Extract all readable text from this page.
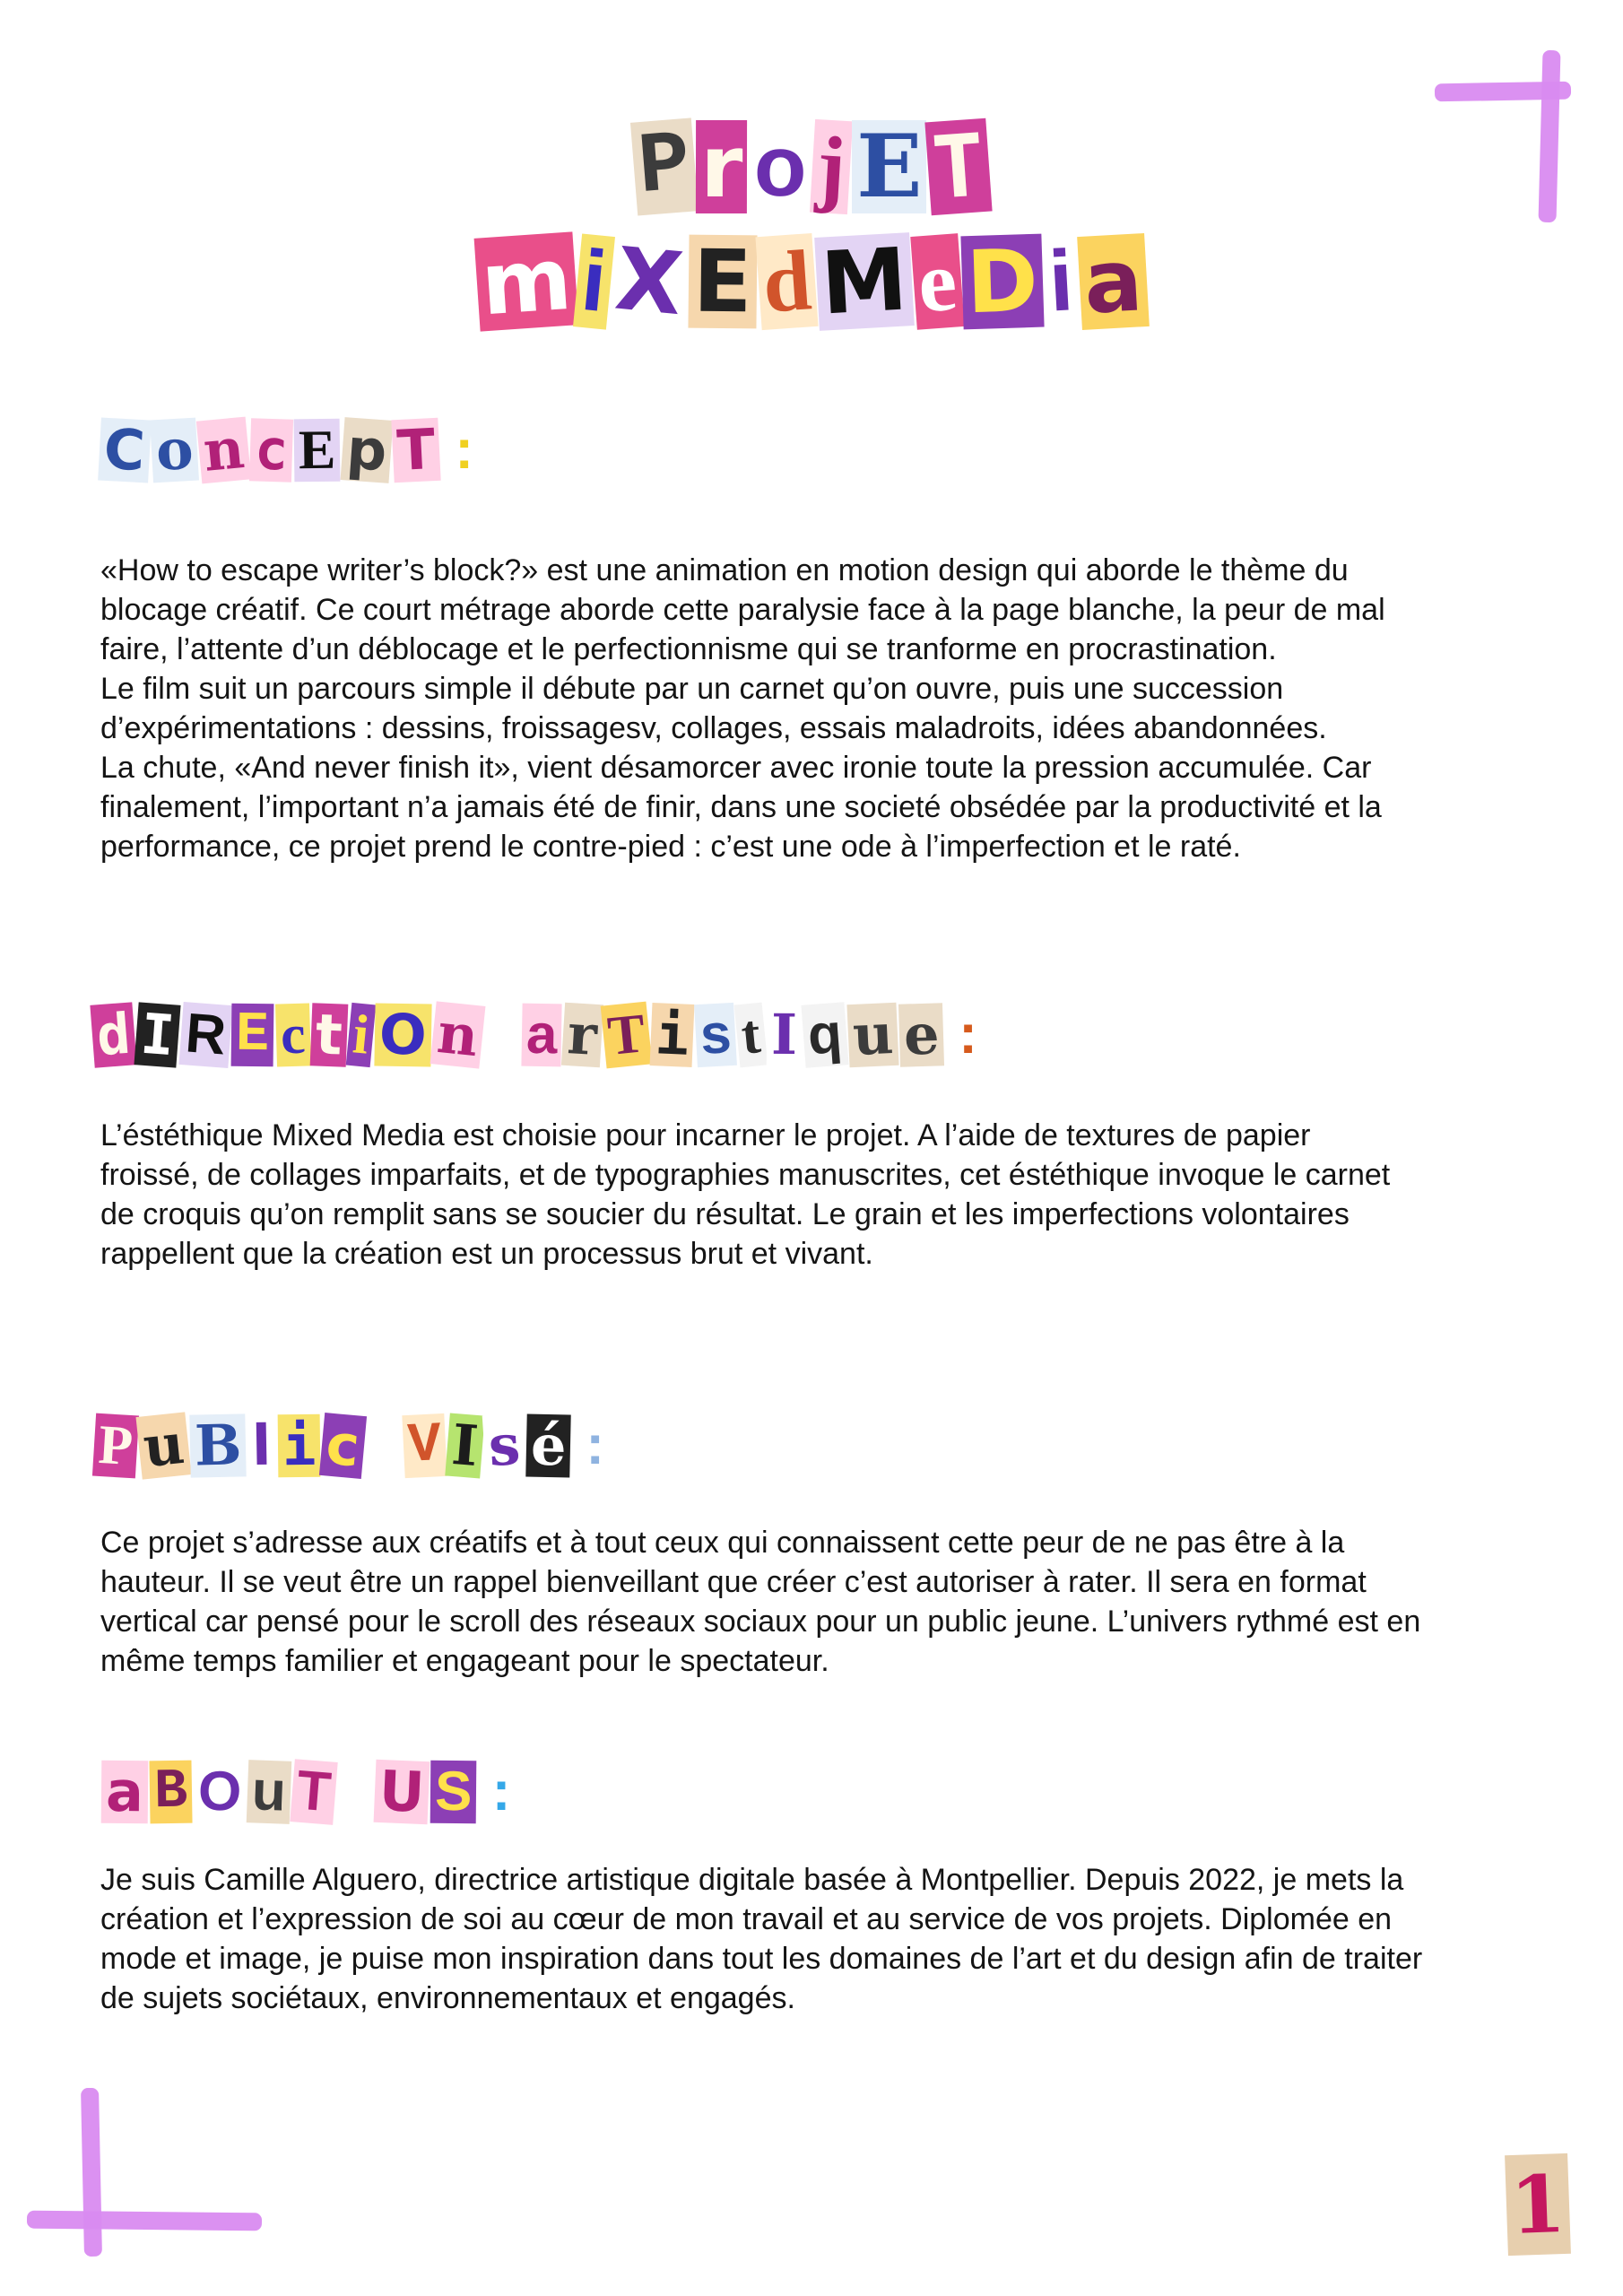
Pr ojET
miXEdMeDia
C o n c E p T :

«How to escape writer’s block?» est une animation en motion design qui aborde le thème du
blocage créatif. Ce court métrage aborde cette paralysie face à la page blanche, la peur de mal
faire, l’attente d’un déblocage et le perfectionnisme qui se tranforme en procrastination.
Le film suit un parcours simple il débute par un carnet qu’on ouvre, puis une succession
d’expérimentations : dessins, froissagesv, collages, essais maladroits, idées abandonnées.
La chute, «And never finish it», vient désamorcer avec ironie toute la pression accumulée. Car
finalement, l’important n’a jamais été de finir, dans une societé obsédée par la productivité et la
performance, ce projet prend le contre-pied : c’est une ode à l’imperfection et le raté.

d I R E c t i O n a r T i s t I q u e :

L’éstéthique Mixed Media est choisie pour incarner le projet. A l’aide de textures de papier
froissé, de collages imparfaits, et de typographies manuscrites, cet éstéthique invoque le carnet
de croquis qu’on remplit sans se soucier du résultat. Le grain et les imperfections volontaires
rappellent que la création est un processus brut et vivant.

P u B l i c V I s é :

Ce projet s’adresse aux créatifs et à tout ceux qui connaissent cette peur de ne pas être à la
hauteur. Il se veut être un rappel bienveillant que créer c’est autoriser à rater. Il sera en format
vertical car pensé pour le scroll des réseaux sociaux pour un public jeune. L’univers rythmé est en
même temps familier et engageant pour le spectateur.

a B O u T U S :

Je suis Camille Alguero, directrice artistique digitale basée à Montpellier. Depuis 2022, je mets la
création et l’expression de soi au cœur de mon travail et au service de vos projets. Diplomée en
mode et image, je puise mon inspiration dans tout les domaines de l’art et du design afin de traiter
de sujets sociétaux, environnementaux et engagés.

1
